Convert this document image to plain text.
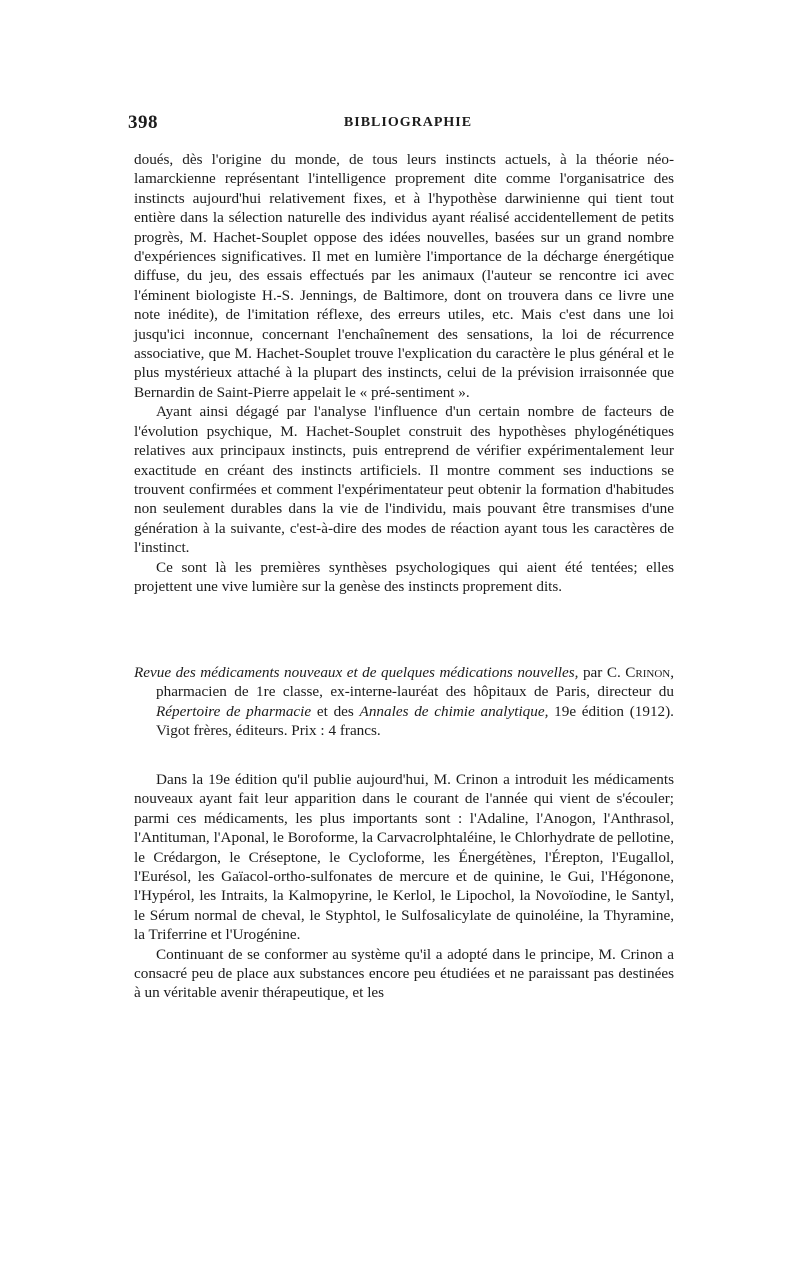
398	BIBLIOGRAPHIE

doués, dès l'origine du monde, de tous leurs instincts actuels, à la théorie néo-lamarckienne représentant l'intelligence proprement dite comme l'organisatrice des instincts aujourd'hui relativement fixes, et à l'hypothèse darwinienne qui tient tout entière dans la sélection naturelle des individus ayant réalisé accidentellement de petits progrès, M. Hachet-Souplet oppose des idées nouvelles, basées sur un grand nombre d'expériences significatives. Il met en lumière l'importance de la décharge énergétique diffuse, du jeu, des essais effectués par les animaux (l'auteur se rencontre ici avec l'éminent biologiste H.-S. Jennings, de Baltimore, dont on trouvera dans ce livre une note inédite), de l'imitation réflexe, des erreurs utiles, etc. Mais c'est dans une loi jusqu'ici inconnue, concernant l'enchaînement des sensations, la loi de récurrence associative, que M. Hachet-Souplet trouve l'explication du caractère le plus général et le plus mystérieux attaché à la plupart des instincts, celui de la prévision irraisonnée que Bernardin de Saint-Pierre appelait le « pré-sentiment ».

Ayant ainsi dégagé par l'analyse l'influence d'un certain nombre de facteurs de l'évolution psychique, M. Hachet-Souplet construit des hypothèses phylogénétiques relatives aux principaux instincts, puis entreprend de vérifier expérimentalement leur exactitude en créant des instincts artificiels. Il montre comment ses inductions se trouvent confirmées et comment l'expérimentateur peut obtenir la formation d'habitudes non seulement durables dans la vie de l'individu, mais pouvant être transmises d'une génération à la suivante, c'est-à-dire des modes de réaction ayant tous les caractères de l'instinct.

Ce sont là les premières synthèses psychologiques qui aient été tentées; elles projettent une vive lumière sur la genèse des instincts proprement dits.

Revue des médicaments nouveaux et de quelques médications nouvelles, par C. Crinon, pharmacien de 1re classe, ex-interne-lauréat des hôpitaux de Paris, directeur du Répertoire de pharmacie et des Annales de chimie analytique, 19e édition (1912). Vigot frères, éditeurs. Prix : 4 francs.

Dans la 19e édition qu'il publie aujourd'hui, M. Crinon a introduit les médicaments nouveaux ayant fait leur apparition dans le courant de l'année qui vient de s'écouler; parmi ces médicaments, les plus importants sont : l'Adaline, l'Anogon, l'Anthrasol, l'Antituman, l'Aponal, le Boroforme, la Carvacrolphtaléine, le Chlorhydrate de pellotine, le Crédargon, le Créseptone, le Cycloforme, les Énergétènes, l'Érepton, l'Eugallol, l'Eurésol, les Gaïacol-ortho-sulfonates de mercure et de quinine, le Gui, l'Hégonone, l'Hypérol, les Intraits, la Kalmopyrine, le Kerlol, le Lipochol, la Novoïodine, le Santyl, le Sérum normal de cheval, le Styphtol, le Sulfosalicylate de quinoléine, la Thyramine, la Triferrine et l'Urogénine.

Continuant de se conformer au système qu'il a adopté dans le principe, M. Crinon a consacré peu de place aux substances encore peu étudiées et ne paraissant pas destinées à un véritable avenir thérapeutique, et les
